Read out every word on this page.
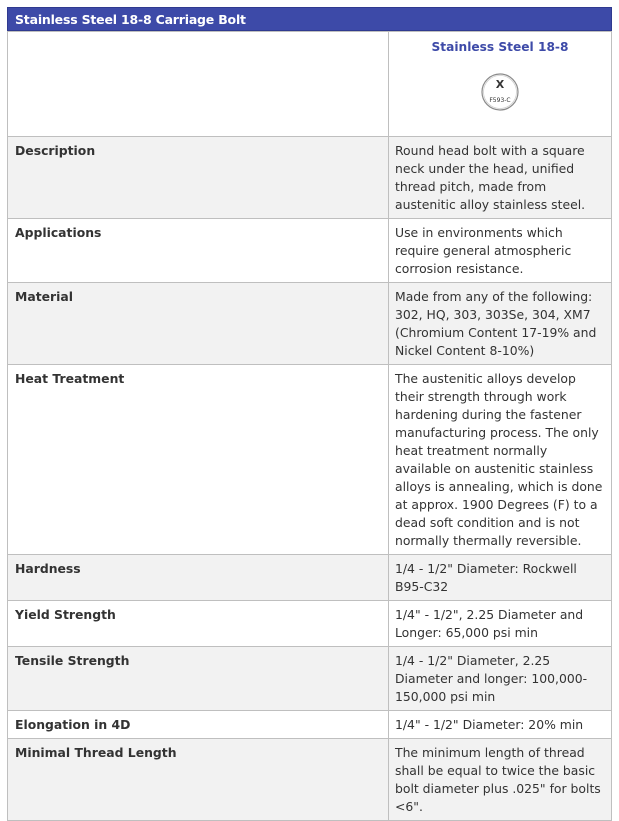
Stainless Steel 18-8 Carriage Bolt

	Stainless Steel 18-8
X
F593-C

Description	Round head bolt with a square neck under the head, unified thread pitch, made from austenitic alloy stainless steel.
Applications	Use in environments which require general atmospheric corrosion resistance.
Material	Made from any of the following: 302, HQ, 303, 303Se, 304, XM7 (Chromium Content 17-19% and Nickel Content 8-10%)
Heat Treatment	The austenitic alloys develop their strength through work hardening during the fastener manufacturing process. The only heat treatment normally available on austenitic stainless alloys is annealing, which is done at approx. 1900 Degrees (F) to a dead soft condition and is not normally thermally reversible.
Hardness	1/4 - 1/2" Diameter: Rockwell B95-C32
Yield Strength	1/4" - 1/2", 2.25 Diameter and Longer: 65,000 psi min
Tensile Strength	1/4 - 1/2" Diameter, 2.25 Diameter and longer: 100,000-150,000 psi min
Elongation in 4D	1/4" - 1/2" Diameter: 20% min
Minimal Thread Length	The minimum length of thread shall be equal to twice the basic bolt diameter plus .025" for bolts <6".
